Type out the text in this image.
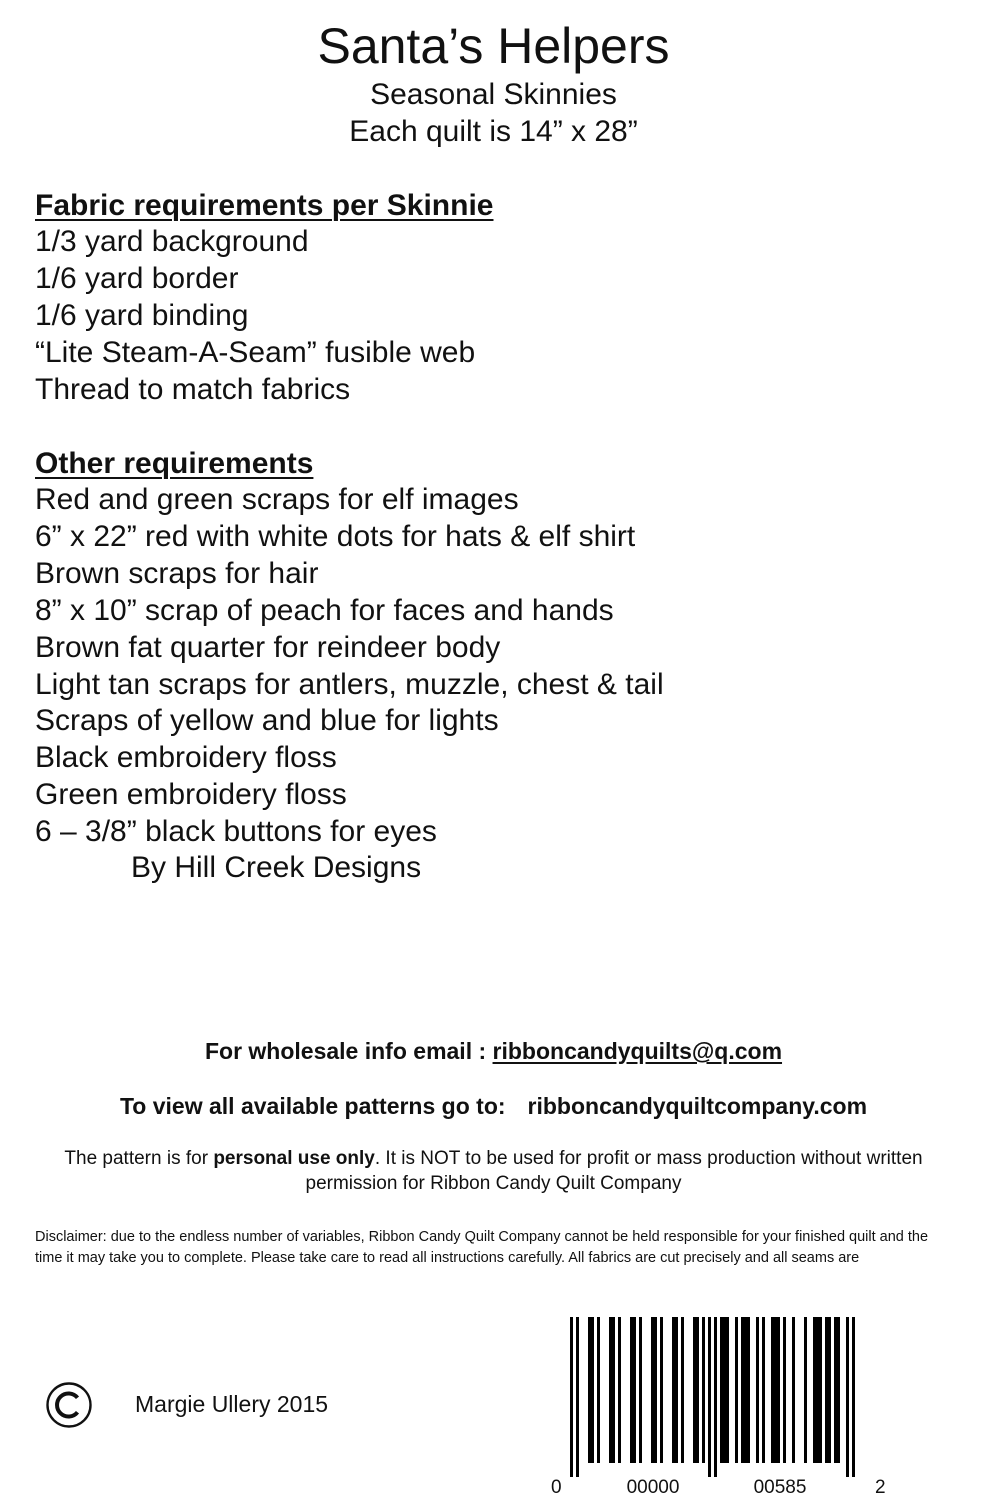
Santa’s Helpers
Seasonal Skinnies
Each quilt is 14” x 28”
Fabric requirements per Skinnie
1/3 yard background
1/6 yard border
1/6 yard binding
“Lite Steam-A-Seam” fusible web
Thread to match fabrics
Other requirements
Red and green scraps for elf images
6” x 22” red with white dots for hats & elf shirt
Brown scraps for hair
8” x 10” scrap of peach for faces and hands
Brown fat quarter for reindeer body
Light tan scraps for antlers, muzzle, chest & tail
Scraps of yellow and blue for lights
Black embroidery floss
Green embroidery floss
6 – 3/8” black buttons for eyes
By Hill Creek Designs
For wholesale info email : ribboncandyquilts@q.com
To view all available patterns go to: ribboncandyquiltcompany.com
The pattern is for personal use only. It is NOT to be used for profit or mass production without written permission for Ribbon Candy Quilt Company
Disclaimer: due to the endless number of variables, Ribbon Candy Quilt Company cannot be held responsible for your finished quilt and the time it may take you to complete. Please take care to read all instructions carefully. All fabrics are cut precisely and all seams are
Margie Ullery 2015
0	00000	00585	2
